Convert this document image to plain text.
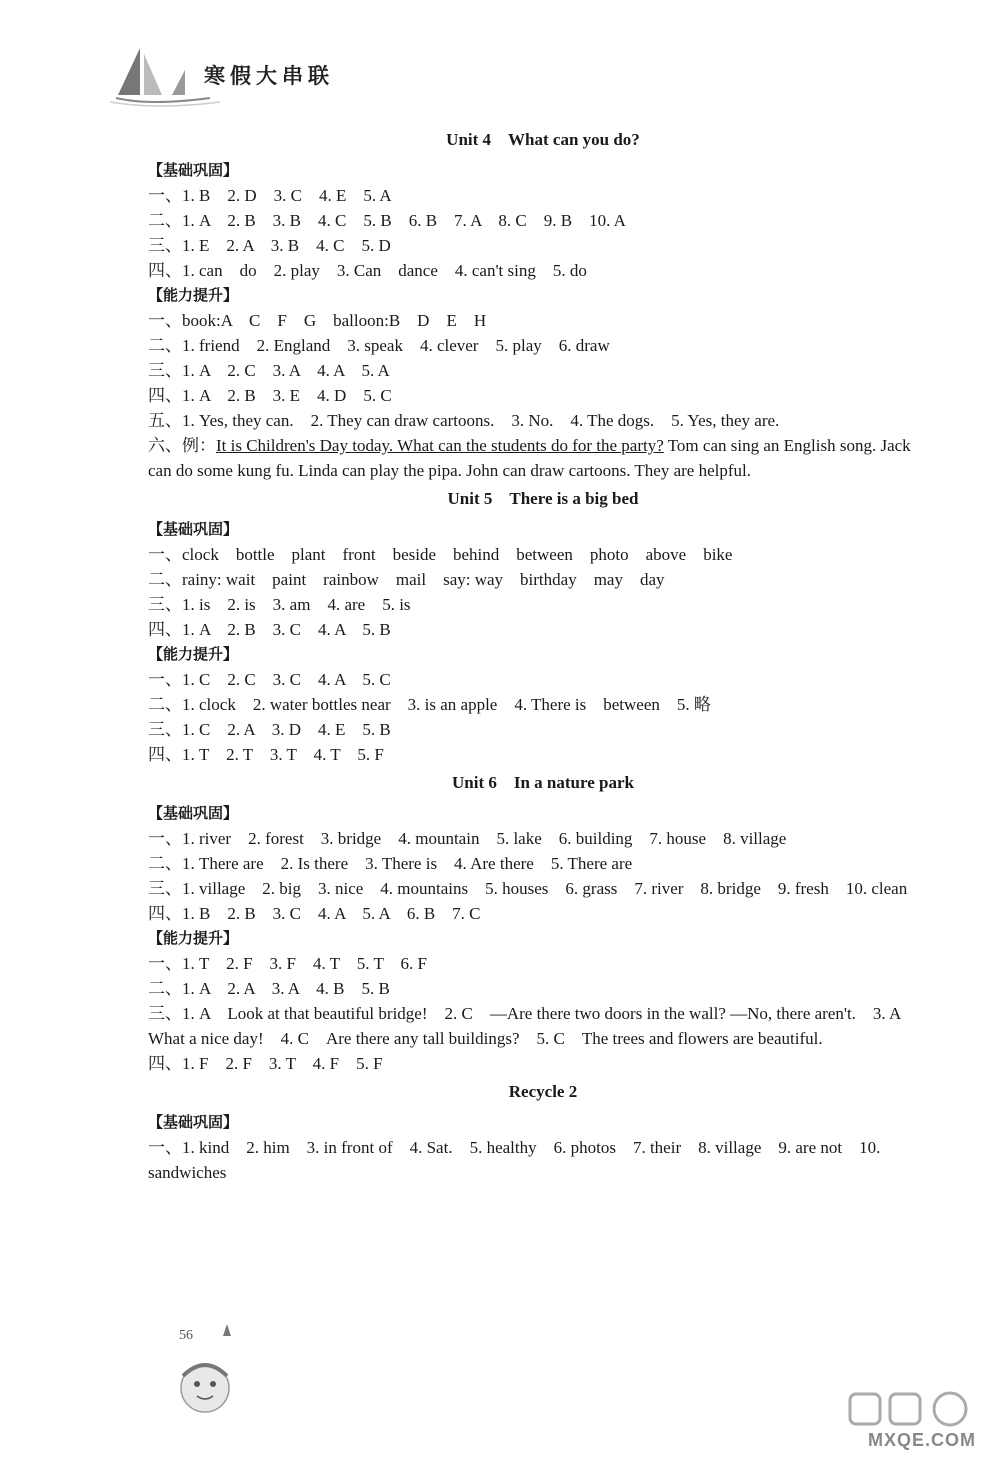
寒假大串联
Unit 4　What can you do?
【基础巩固】
一、1. B　2. D　3. C　4. E　5. A
二、1. A　2. B　3. B　4. C　5. B　6. B　7. A　8. C　9. B　10. A
三、1. E　2. A　3. B　4. C　5. D
四、1. can　do　2. play　3. Can　dance　4. can't sing　5. do
【能力提升】
一、book:A　C　F　G　balloon:B　D　E　H
二、1. friend　2. England　3. speak　4. clever　5. play　6. draw
三、1. A　2. C　3. A　4. A　5. A
四、1. A　2. B　3. E　4. D　5. C
五、1. Yes, they can.　2. They can draw cartoons.　3. No.　4. The dogs.　5. Yes, they are.
六、例：It is Children's Day today. What can the students do for the party? Tom can sing an English song. Jack can do some kung fu. Linda can play the pipa. John can draw cartoons. They are helpful.
Unit 5　There is a big bed
【基础巩固】
一、clock　bottle　plant　front　beside　behind　between　photo　above　bike
二、rainy: wait　paint　rainbow　mail　say: way　birthday　may　day
三、1. is　2. is　3. am　4. are　5. is
四、1. A　2. B　3. C　4. A　5. B
【能力提升】
一、1. C　2. C　3. C　4. A　5. C
二、1. clock　2. water bottles near　3. is an apple　4. There is　between　5. 略
三、1. C　2. A　3. D　4. E　5. B
四、1. T　2. T　3. T　4. T　5. F
Unit 6　In a nature park
【基础巩固】
一、1. river　2. forest　3. bridge　4. mountain　5. lake　6. building　7. house　8. village
二、1. There are　2. Is there　3. There is　4. Are there　5. There are
三、1. village　2. big　3. nice　4. mountains　5. houses　6. grass　7. river　8. bridge　9. fresh　10. clean
四、1. B　2. B　3. C　4. A　5. A　6. B　7. C
【能力提升】
一、1. T　2. F　3. F　4. T　5. T　6. F
二、1. A　2. A　3. A　4. B　5. B
三、1. A　Look at that beautiful bridge!　2. C　—Are there two doors in the wall? —No, there aren't.　3. A　What a nice day!　4. C　Are there any tall buildings?　5. C　The trees and flowers are beautiful.
四、1. F　2. F　3. T　4. F　5. F
Recycle 2
【基础巩固】
一、1. kind　2. him　3. in front of　4. Sat.　5. healthy　6. photos　7. their　8. village　9. are not　10. sandwiches
56
MXQE.COM
